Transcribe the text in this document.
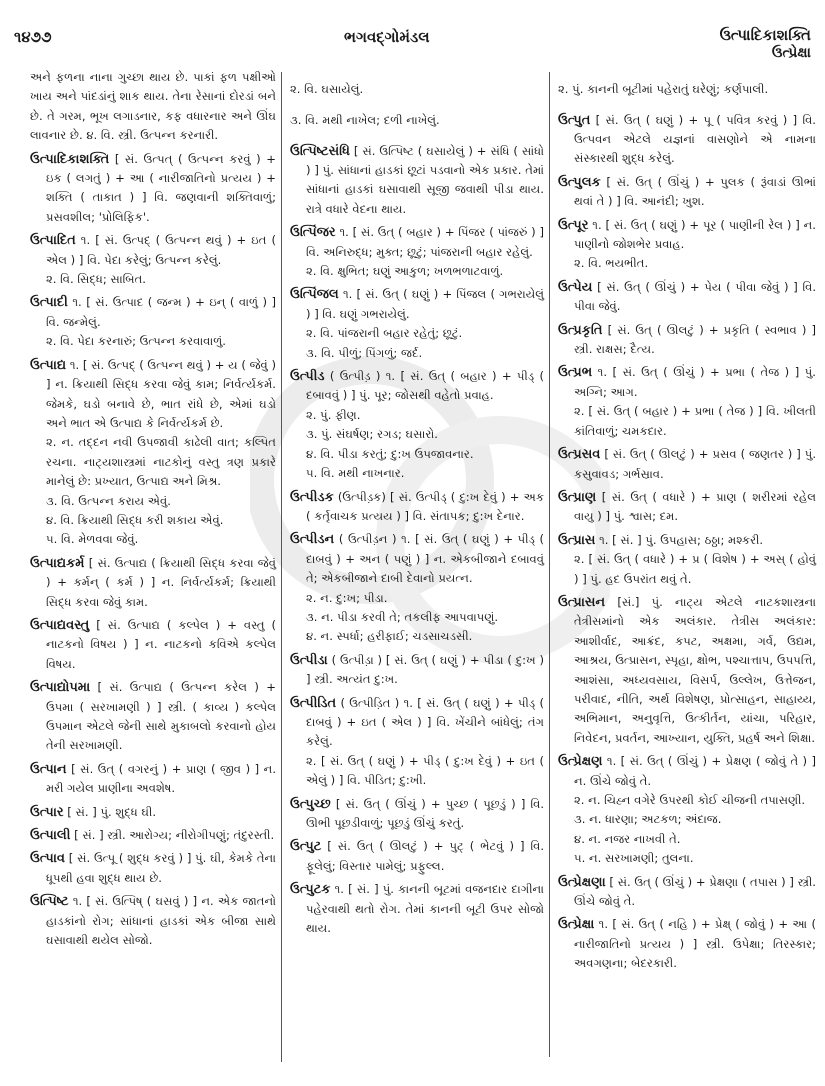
૧૪૭૭	ભગવદ્ગોમંડલ	ઉત્પાદિકાશક્તિ
ઉત્પ્રેક્ષા
અને ફળના નાના ગુચ્છા થાય છે. પાકાં ફળ પક્ષીઓ ખાય અને પાંદડાંનું શાક થાય. તેના રેસાનાં દોરડાં બને છે. તે ગરમ, ભૂખ લગાડનાર, કફ વધારનાર અને ઊંઘ લાવનાર છે. ૪. વિ. સ્ત્રી. ઉત્પન્ન કરનારી.

ઉત્પાદિકાશક્તિ [ સં. ઉત્પત્ ( ઉત્પન્ન કરવું ) + ઇક ( લગતું ) + આ ( નારીજાતિનો પ્રત્યય ) + શક્તિ ( તાકાત ) ] વિ. જણવાની શક્તિવાળું; પ્રસવશીલ; 'પ્રોલિફિક'.

ઉત્પાદિત ૧. [ સં. ઉત્પદ્ ( ઉત્પન્ન થવું ) + ઇત ( એલ ) ] વિ. પેદા કરેલું; ઉત્પન્ન કરેલું.

૨. વિ. સિદ્ધ; સાબિત.

ઉત્પાદી ૧. [ સં. ઉત્પાદ ( જન્મ ) + ઇન્ ( વાળું ) ] વિ. જન્મેલું.

૨. વિ. પેદા કરનારું; ઉત્પન્ન કરવાવાળું.

ઉત્પાદ્ય ૧. [ સં. ઉત્પદ્ ( ઉત્પન્ન થવું ) + ય ( જેવું ) ] ન. ક્રિયાથી સિદ્ધ કરવા જેવું કામ; નિર્વર્ત્યકર્મ. જેમકે, ઘડો બનાવે છે, ભાત રાંધે છે, એમાં ઘડો અને ભાત એ ઉત્પાદ્ય કે નિર્વર્ત્યકર્મ છે.

૨. ન. તદ્દન નવી ઉપજાવી કાઢેલી વાત; કલ્પિત રચના. નાટ્યશાસ્ત્રમાં નાટકોનું વસ્તુ ત્રણ પ્રકારે માનેલું છે: પ્રખ્યાત, ઉત્પાદ્ય અને મિશ્ર.

૩. વિ. ઉત્પન્ન કરાય એવું.

૪. વિ. ક્રિયાથી સિદ્ધ કરી શકાય એવું.

૫. વિ. મેળવવા જેવું.

ઉત્પાદ્યકર્મ [ સં. ઉત્પાદ્ય ( ક્રિયાથી સિદ્ધ કરવા જેવું ) + કર્મન્ ( કર્મ ) ] ન. નિર્વર્ત્યકર્મ; ક્રિયાથી સિદ્ધ કરવા જેવું કામ.

ઉત્પાદ્યવસ્તુ [ સં. ઉત્પાદ્ય ( કલ્પેલ ) + વસ્તુ ( નાટકનો વિષય ) ] ન. નાટકનો કવિએ કલ્પેલ વિષય.

ઉત્પાદ્યોપમા [ સં. ઉત્પાદ્ય ( ઉત્પન્ન કરેલ ) + ઉપમા ( સરખામણી ) ] સ્ત્રી. ( કાવ્ય ) કલ્પેલ ઉપમાન એટલે જેની સાથે મુકાબલો કરવાનો હોય તેની સરખામણી.

ઉત્પાન [ સં. ઉત્ ( વગરનું ) + પ્રાણ ( જીવ ) ] ન. મરી ગયેલ પ્રાણીના અવશેષ.

ઉત્પાર [ સં. ] પું. શુદ્ધ ઘી.

ઉત્પાલી [ સં. ] સ્ત્રી. આરોગ્ય; નીરોગીપણું; તંદુરસ્તી.

ઉત્પાવ [ સં. ઉત્પૂ ( શુદ્ધ કરવું ) ] પું. ઘી, કેમકે તેના ધૂપથી હવા શુદ્ધ થાય છે.

ઉત્પિષ્ટ ૧. [ સં. ઉત્પિષ્ ( ઘસવું ) ] ન. એક જાતનો હાડકાંનો રોગ; સાંધાનાં હાડકાં એક બીજા સાથે ઘસાવાથી થયેલ સોજો.

૨. વિ. ઘસાયેલું.

૩. વિ. મથી નાખેલ; દળી નાખેલું.

ઉત્પિષ્ટસંધિ [ સં. ઉત્પિષ્ટ ( ઘસાયેલું ) + સંધિ ( સાંધો ) ] પું. સાંધાનાં હાડકાં છૂટાં પડવાનો એક પ્રકાર. તેમાં સાંધાનાં હાડકાં ઘસાવાથી સૂજી જવાથી પીડા થાય. રાત્રે વધારે વેદના થાય.

ઉત્પિંજર ૧. [ સં. ઉત્ ( બહાર ) + પિંજર ( પાંજરું ) ] વિ. અનિરુદ્ધ; મુક્ત; છૂટું; પાંજરાની બહાર રહેલું.

૨. વિ. ક્ષુભિત; ઘણું આકુળ; ખળભળાટવાળું.

ઉત્પિંજલ ૧. [ સં. ઉત્ ( ઘણું ) + પિંજલ ( ગભરાયેલું ) ] વિ. ઘણું ગભરાયેલું.

૨. વિ. પાંજરાની બહાર રહેતું; છૂટું.

૩. વિ. પીળું; પિંગળું; જર્દ.

ઉત્પીડ ( ઉત્પીડ઼ ) ૧. [ સં. ઉત્ ( બહાર ) + પીડ્ ( દબાવવું ) ] પું. પૂર; જોસથી વહેતો પ્રવાહ.

૨. પું. ફીણ.

૩. પું. સંઘર્ષણ; રગડ; ઘસારો.

૪. વિ. પીડા કરતું; દુ:ખ ઉપજાવનાર.

૫. વિ. મથી નાખનાર.

ઉત્પીડક (ઉત્પીડ઼ક) [ સં. ઉત્પીડ્ ( દુ:ખ દેવું ) + અક ( કર્તૃવાચક પ્રત્યય ) ] વિ. સંતાપક; દુ:ખ દેનાર.

ઉત્પીડન ( ઉત્પીડ઼ન ) ૧. [ સં. ઉત્ ( ઘણું ) + પીડ્ ( દાબવું ) + અન ( પણું ) ] ન. એકબીજાને દબાવવું તે; એકબીજાને દાબી દેવાનો પ્રયત્ન.

૨. ન. દુ:ખ; પીડા.

૩. ન. પીડા કરવી તે; તકલીફ આપવાપણું.

૪. ન. સ્પર્ધા; હરીફાઈ; ચડસાચડસી.

ઉત્પીડા ( ઉત્પીડ઼ા ) [ સં. ઉત્ ( ઘણું ) + પીડા ( દુ:ખ ) ] સ્ત્રી. અત્યંત દુ:ખ.

ઉત્પીડિત ( ઉત્પીડ઼િત ) ૧. [ સં. ઉત્ ( ઘણું ) + પીડ્ ( દાબવું ) + ઇત ( એલ ) ] વિ. ખેંચીને બાંધેલું; તંગ કરેલું.

૨. [ સં. ઉત્ ( ઘણું ) + પીડ્ ( દુ:ખ દેવું ) + ઇત ( એલું ) ] વિ. પીડિત; દુ:ખી.

ઉત્પુચ્છ [ સં. ઉત્ ( ઊંચું ) + પુચ્છ ( પૂછડું ) ] વિ. ઊભી પૂછડીવાળું; પૂછડું ઊંચું કરતું.

ઉત્પુટ [ સં. ઉત્ ( ઊલટું ) + પુટ્ ( ભેટવું ) ] વિ. ફૂલેલું; વિસ્તાર પામેલું; પ્રફુલ્લ.

ઉત્પુટક ૧. [ સં. ] પું. કાનની બૂટમાં વજનદાર દાગીના પહેરવાથી થતો રોગ. તેમાં કાનની બૂટી ઉપર સોજો થાય.

૨. પું. કાનની બૂટીમાં પહેરાતું ઘરેણું; કર્ણપાલી.

ઉત્પુત [ સં. ઉત્ ( ઘણું ) + પૂ ( પવિત્ર કરવું ) ] વિ. ઉત્પવન એટલે યજ્ઞનાં વાસણોને એ નામના સંસ્કારથી શુદ્ધ કરેલું.

ઉત્પુલક [ સં. ઉત્ ( ઊંચું ) + પુલક ( રૂંવાડાં ઊભાં થવાં તે ) ] વિ. આનંદી; ખુશ.

ઉત્પૂર ૧. [ સં. ઉત્ ( ઘણું ) + પૂર ( પાણીની રેલ ) ] ન. પાણીનો જોશભેર પ્રવાહ.

૨. વિ. ભયભીત.

ઉત્પેય [ સં. ઉત્ ( ઊંચું ) + પેય ( પીવા જેવું ) ] વિ. પીવા જેવું.

ઉત્પ્રકૃતિ [ સં. ઉત્ ( ઊલટું ) + પ્રકૃતિ ( સ્વભાવ ) ] સ્ત્રી. રાક્ષસ; દૈત્ય.

ઉત્પ્રભ ૧. [ સં. ઉત્ ( ઊંચું ) + પ્રભા ( તેજ ) ] પું. અગ્નિ; આગ.

૨. [ સં. ઉત્ ( બહાર ) + પ્રભા ( તેજ ) ] વિ. ખીલતી કાંતિવાળું; ચમકદાર.

ઉત્પ્રસવ [ સં. ઉત્ ( ઊલટું ) + પ્રસવ ( જણતર ) ] પું. કસુવાવડ; ગર્ભસ્રાવ.

ઉત્પ્રાણ [ સં. ઉત્ ( વધારે ) + પ્રાણ ( શરીરમાં રહેલ વાયુ ) ] પું. શ્વાસ; દમ.

ઉત્પ્રાસ ૧. [ સં. ] પું. ઉપહાસ; ઠઠ્ઠા; મશ્કરી.

૨. [ સં. ઉત્ ( વધારે ) + પ્ર ( વિશેષ ) + અસ્ ( હોવું ) ] પું. હદ ઉપરાંત થવું તે.

ઉત્પ્રાસન [સં.] પું. નાટ્ય એટલે નાટકશાસ્ત્રના તેત્રીસમાંનો એક અલંકાર. તેત્રીસ અલંકાર: આશીર્વાદ, આક્રંદ, કપટ, અક્ષમા, ગર્વ, ઉદ્યમ, આશ્રય, ઉત્પ્રાસન, સ્પૃહા, ક્ષોભ, પશ્ચાત્તાપ, ઉપપત્તિ, આશંસા, અધ્યવસાય, વિસર્પ, ઉલ્લેખ, ઉત્તેજન, પરીવાદ, નીતિ, અર્થ વિશેષણ, પ્રોત્સાહન, સાહાય્ય, અભિમાન, અનુવૃત્તિ, ઉત્કીર્તન, યાંચા, પરિહાર, નિવેદન, પ્રવર્તન, આખ્યાન, યુક્તિ, પ્રહર્ષ અને શિક્ષા.

ઉત્પ્રેક્ષણ ૧. [ સં. ઉત્ ( ઊંચું ) + પ્રેક્ષણ ( જોવું તે ) ] ન. ઊંચે જોવું તે.

૨. ન. ચિહ્ન વગેરે ઉપરથી કોઈ ચીજની તપાસણી.

૩. ન. ધારણા; અટકળ; અંદાજ.

૪. ન. નજર નાખવી તે.

૫. ન. સરખામણી; તુલના.

ઉત્પ્રેક્ષણા [ સં. ઉત્ ( ઊંચું ) + પ્રેક્ષણા ( તપાસ ) ] સ્ત્રી. ઊંચે જોવું તે.

ઉત્પ્રેક્ષા ૧. [ સં. ઉત્ ( નહિ ) + પ્રેક્ષ્ ( જોવું ) + આ ( નારીજાતિનો પ્રત્યય ) ] સ્ત્રી. ઉપેક્ષા; તિરસ્કાર; અવગણના; બેદરકારી.
